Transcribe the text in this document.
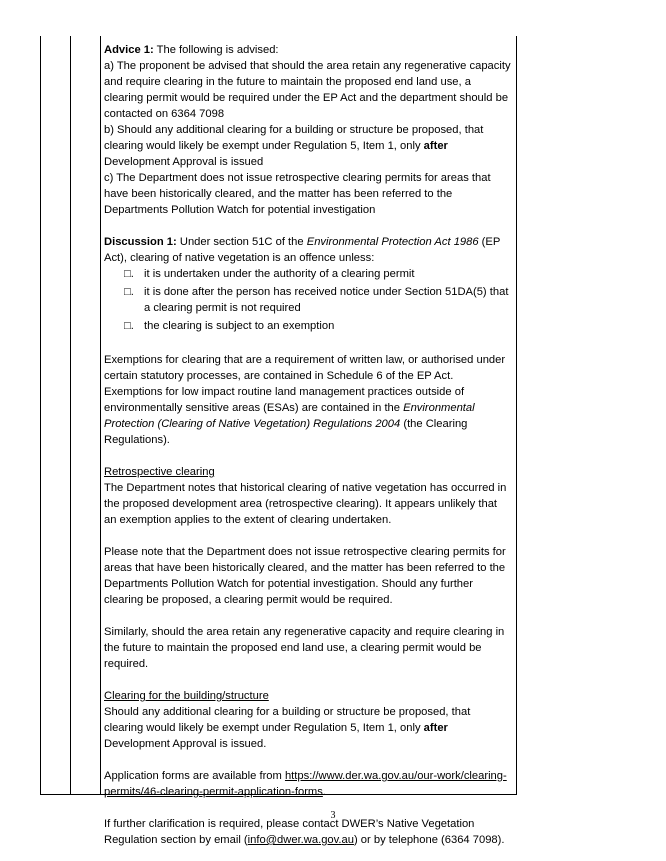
Advice 1: The following is advised:

a) The proponent be advised that should the area retain any regenerative capacity and require clearing in the future to maintain the proposed end land use, a clearing permit would be required under the EP Act and the department should be contacted on 6364 7098

b) Should any additional clearing for a building or structure be proposed, that clearing would likely be exempt under Regulation 5, Item 1, only after Development Approval is issued

c) The Department does not issue retrospective clearing permits for areas that have been historically cleared, and the matter has been referred to the Departments Pollution Watch for potential investigation

Discussion 1: Under section 51C of the Environmental Protection Act 1986 (EP Act), clearing of native vegetation is an offence unless:

□. it is undertaken under the authority of a clearing permit
□. it is done after the person has received notice under Section 51DA(5) that a clearing permit is not required
□. the clearing is subject to an exemption

Exemptions for clearing that are a requirement of written law, or authorised under certain statutory processes, are contained in Schedule 6 of the EP Act. Exemptions for low impact routine land management practices outside of environmentally sensitive areas (ESAs) are contained in the Environmental Protection (Clearing of Native Vegetation) Regulations 2004 (the Clearing Regulations).

Retrospective clearing

The Department notes that historical clearing of native vegetation has occurred in the proposed development area (retrospective clearing). It appears unlikely that an exemption applies to the extent of clearing undertaken.

Please note that the Department does not issue retrospective clearing permits for areas that have been historically cleared, and the matter has been referred to the Departments Pollution Watch for potential investigation. Should any further clearing be proposed, a clearing permit would be required.

Similarly, should the area retain any regenerative capacity and require clearing in the future to maintain the proposed end land use, a clearing permit would be required.

Clearing for the building/structure

Should any additional clearing for a building or structure be proposed, that clearing would likely be exempt under Regulation 5, Item 1, only after Development Approval is issued.

Application forms are available from https://www.der.wa.gov.au/our-work/clearing-permits/46-clearing-permit-application-forms.

If further clarification is required, please contact DWER’s Native Vegetation Regulation section by email (info@dwer.wa.gov.au) or by telephone (6364 7098).

3
